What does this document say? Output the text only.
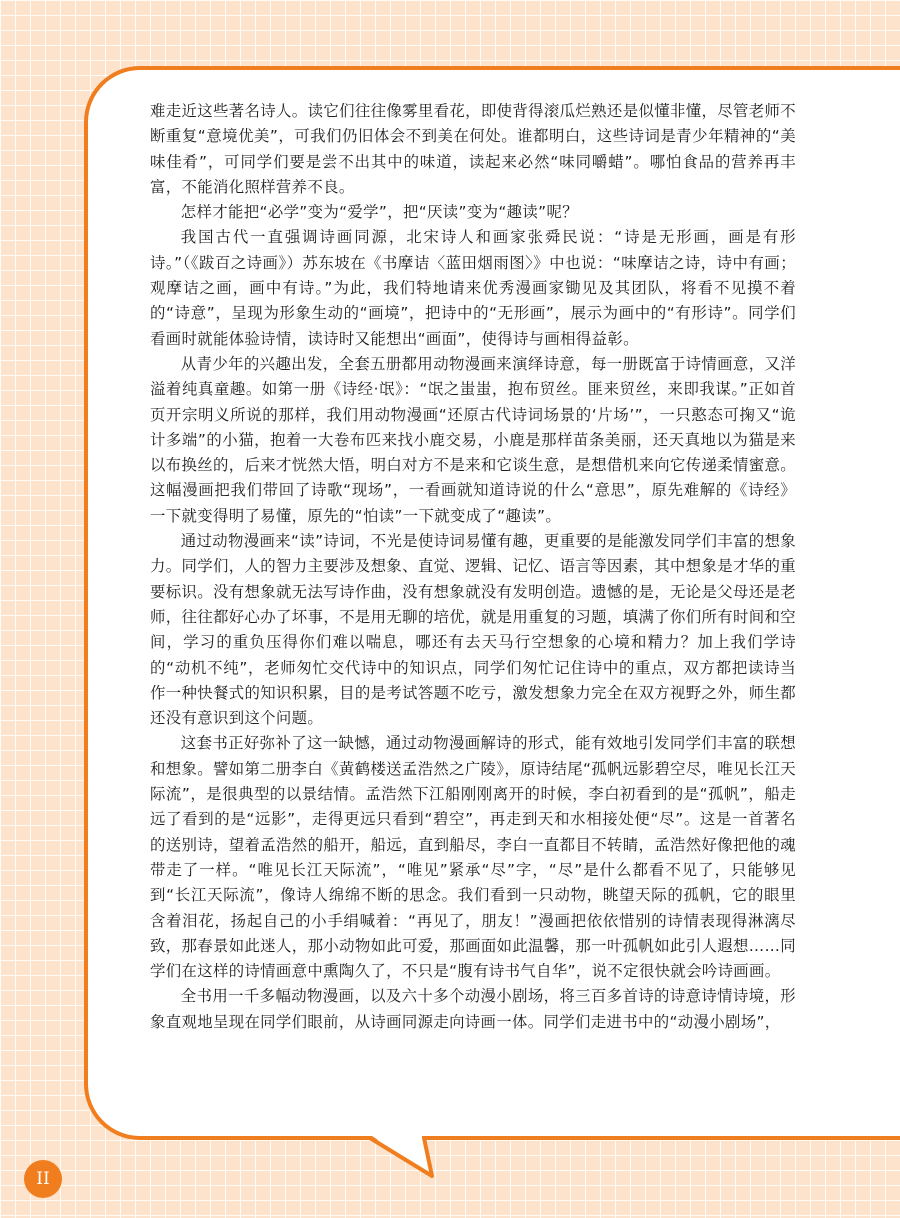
难走近这些著名诗人。读它们往往像雾里看花，即使背得滚瓜烂熟还是似懂非懂，尽管老师不断重复“意境优美”，可我们仍旧体会不到美在何处。谁都明白，这些诗词是青少年精神的“美味佳肴”，可同学们要是尝不出其中的味道，读起来必然“味同嚼蜡”。哪怕食品的营养再丰富，不能消化照样营养不良。

怎样才能把“必学”变为“爱学”，把“厌读”变为“趣读”呢？

我国古代一直强调诗画同源，北宋诗人和画家张舜民说：“诗是无形画，画是有形诗。”（《跋百之诗画》）苏东坡在《书摩诘〈蓝田烟雨图〉》中也说：“味摩诘之诗，诗中有画；观摩诘之画，画中有诗。”为此，我们特地请来优秀漫画家锄见及其团队，将看不见摸不着的“诗意”，呈现为形象生动的“画境”，把诗中的“无形画”，展示为画中的“有形诗”。同学们看画时就能体验诗情，读诗时又能想出“画面”，使得诗与画相得益彰。

从青少年的兴趣出发，全套五册都用动物漫画来演绎诗意，每一册既富于诗情画意，又洋溢着纯真童趣。如第一册《诗经·氓》：“氓之蚩蚩，抱布贸丝。匪来贸丝，来即我谋。”正如首页开宗明义所说的那样，我们用动物漫画“还原古代诗词场景的‘片场’”，一只憨态可掬又“诡计多端”的小猫，抱着一大卷布匹来找小鹿交易，小鹿是那样苗条美丽，还天真地以为猫是来以布换丝的，后来才恍然大悟，明白对方不是来和它谈生意，是想借机来向它传递柔情蜜意。这幅漫画把我们带回了诗歌“现场”，一看画就知道诗说的什么“意思”，原先难解的《诗经》一下就变得明了易懂，原先的“怕读”一下就变成了“趣读”。

通过动物漫画来“读”诗词，不光是使诗词易懂有趣，更重要的是能激发同学们丰富的想象力。同学们，人的智力主要涉及想象、直觉、逻辑、记忆、语言等因素，其中想象是才华的重要标识。没有想象就无法写诗作曲，没有想象就没有发明创造。遗憾的是，无论是父母还是老师，往往都好心办了坏事，不是用无聊的培优，就是用重复的习题，填满了你们所有时间和空间，学习的重负压得你们难以喘息，哪还有去天马行空想象的心境和精力？加上我们学诗的“动机不纯”，老师匆忙交代诗中的知识点，同学们匆忙记住诗中的重点，双方都把读诗当作一种快餐式的知识积累，目的是考试答题不吃亏，激发想象力完全在双方视野之外，师生都还没有意识到这个问题。

这套书正好弥补了这一缺憾，通过动物漫画解诗的形式，能有效地引发同学们丰富的联想和想象。譬如第二册李白《黄鹤楼送孟浩然之广陵》，原诗结尾“孤帆远影碧空尽，唯见长江天际流”，是很典型的以景结情。孟浩然下江船刚刚离开的时候，李白初看到的是“孤帆”，船走远了看到的是“远影”，走得更远只看到“碧空”，再走到天和水相接处便“尽”。这是一首著名的送别诗，望着孟浩然的船开，船远，直到船尽，李白一直都目不转睛，孟浩然好像把他的魂带走了一样。“唯见长江天际流”，“唯见”紧承“尽”字，“尽”是什么都看不见了，只能够见到“长江天际流”，像诗人绵绵不断的思念。我们看到一只动物，眺望天际的孤帆，它的眼里含着泪花，扬起自己的小手绢喊着：“再见了，朋友！”漫画把依依惜别的诗情表现得淋漓尽致，那春景如此迷人，那小动物如此可爱，那画面如此温馨，那一叶孤帆如此引人遐想……同学们在这样的诗情画意中熏陶久了，不只是“腹有诗书气自华”，说不定很快就会吟诗画画。

全书用一千多幅动物漫画，以及六十多个动漫小剧场，将三百多首诗的诗意诗情诗境，形象直观地呈现在同学们眼前，从诗画同源走向诗画一体。同学们走进书中的“动漫小剧场”，

II
